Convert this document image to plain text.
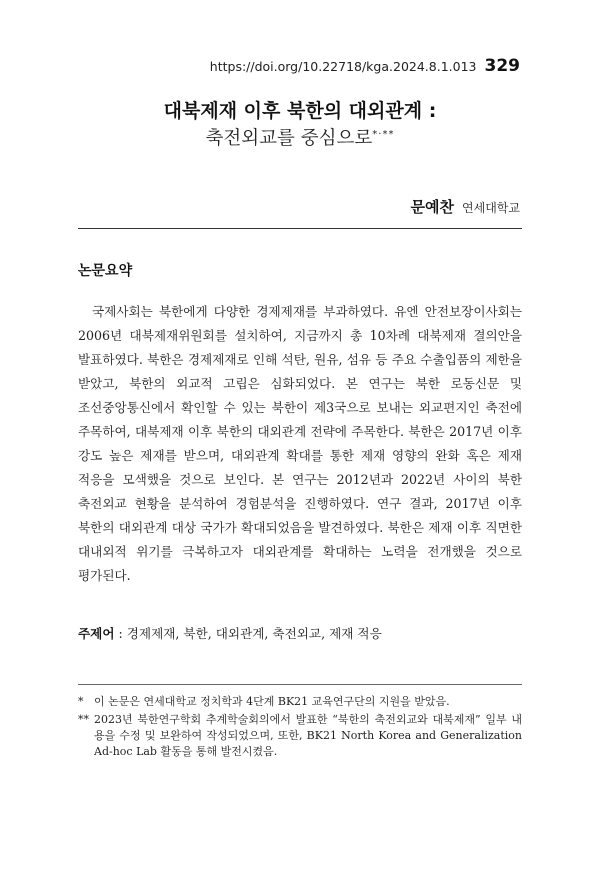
https://doi.org/10.22718/kga.2024.8.1.013 329
대북제재 이후 북한의 대외관계 :
축전외교를 중심으로*·**
문예찬 연세대학교
논문요약

국제사회는 북한에게 다양한 경제제재를 부과하였다. 유엔 안전보장이사회는 2006년 대북제재위원회를 설치하여, 지금까지 총 10차례 대북제재 결의안을 발표하였다. 북한은 경제제재로 인해 석탄, 원유, 섬유 등 주요 수출입품의 제한을 받았고, 북한의 외교적 고립은 심화되었다. 본 연구는 북한 로동신문 및 조선중앙통신에서 확인할 수 있는 북한이 제3국으로 보내는 외교편지인 축전에 주목하여, 대북제재 이후 북한의 대외관계 전략에 주목한다. 북한은 2017년 이후 강도 높은 제재를 받으며, 대외관계 확대를 통한 제재 영향의 완화 혹은 제재 적응을 모색했을 것으로 보인다. 본 연구는 2012년과 2022년 사이의 북한 축전외교 현황을 분석하여 경험분석을 진행하였다. 연구 결과, 2017년 이후 북한의 대외관계 대상 국가가 확대되었음을 발견하였다. 북한은 제재 이후 직면한 대내외적 위기를 극복하고자 대외관계를 확대하는 노력을 전개했을 것으로 평가된다.

주제어 : 경제제재, 북한, 대외관계, 축전외교, 제재 적응
* 이 논문은 연세대학교 정치학과 4단계 BK21 교육연구단의 지원을 받았음.
** 2023년 북한연구학회 추계학술회의에서 발표한 “북한의 축전외교와 대북제재” 일부 내용을 수정 및 보완하여 작성되었으며, 또한, BK21 North Korea and Generalization Ad-hoc Lab 활동을 통해 발전시켰음.
